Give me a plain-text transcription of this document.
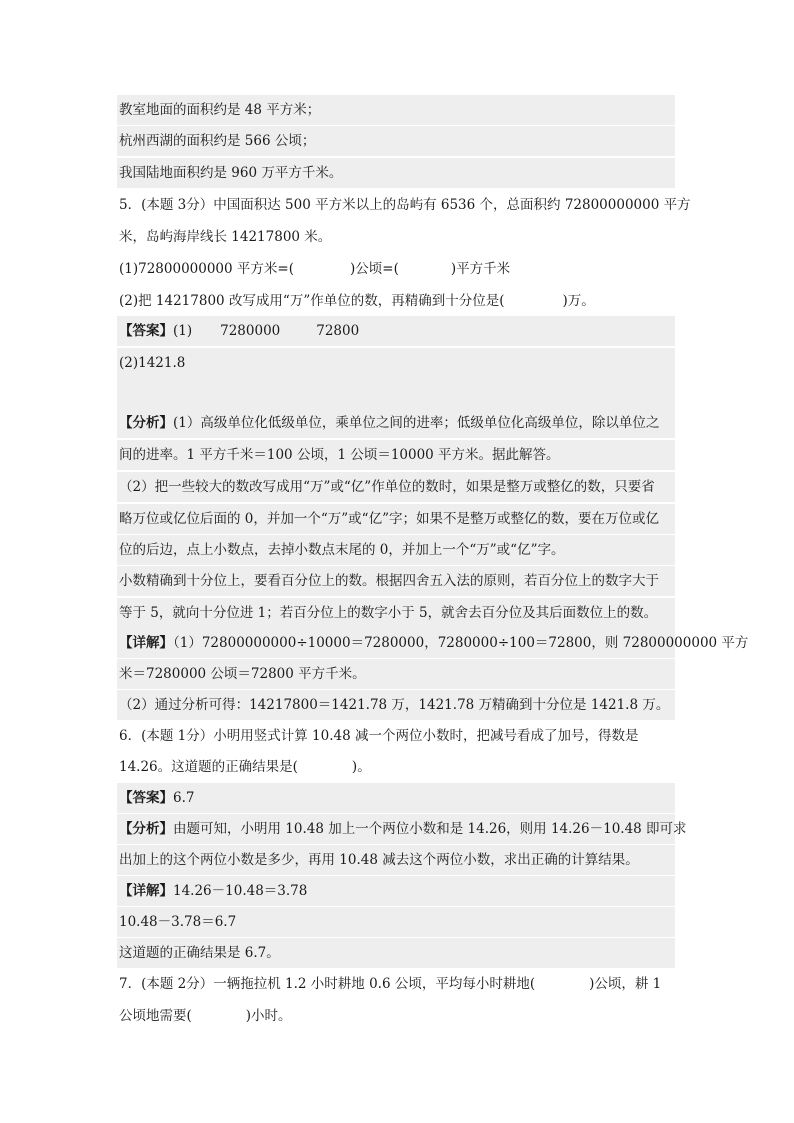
教室地面的面积约是 48 平方米；
杭州西湖的面积约是 566 公顷；
我国陆地面积约是 960 万平方千米。
5．(本题 3分）中国面积达 500 平方米以上的岛屿有 6536 个，总面积约 72800000000 平方
米，岛屿海岸线长 14217800 米。
(1)72800000000 平方米=(	)公顷=(	)平方千米
(2)把 14217800 改写成用“万”作单位的数，再精确到十分位是(	)万。
【答案】(1) 7280000	72800
(2)1421.8
【分析】(1）高级单位化低级单位，乘单位之间的进率；低级单位化高级单位，除以单位之
间的进率。1 平方千米＝100 公顷，1 公顷＝10000 平方米。据此解答。
（2）把一些较大的数改写成用“万”或“亿”作单位的数时，如果是整万或整亿的数，只要省
略万位或亿位后面的 0，并加一个“万”或“亿”字；如果不是整万或整亿的数，要在万位或亿
位的后边，点上小数点，去掉小数点末尾的 0，并加上一个“万”或“亿”字。
小数精确到十分位上，要看百分位上的数。根据四舍五入法的原则，若百分位上的数字大于
等于 5，就向十分位进 1；若百分位上的数字小于 5，就舍去百分位及其后面数位上的数。
【详解】（1）72800000000÷10000＝7280000，7280000÷100＝72800，则 72800000000 平方
米＝7280000 公顷＝72800 平方千米。
（2）通过分析可得：14217800＝1421.78 万，1421.78 万精确到十分位是 1421.8 万。
6．(本题 1分）小明用竖式计算 10.48 减一个两位小数时，把减号看成了加号，得数是
14.26。这道题的正确结果是(	)。
【答案】6.7
【分析】由题可知，小明用 10.48 加上一个两位小数和是 14.26，则用 14.26－10.48 即可求
出加上的这个两位小数是多少，再用 10.48 减去这个两位小数，求出正确的计算结果。
【详解】14.26－10.48＝3.78
10.48－3.78＝6.7
这道题的正确结果是 6.7。
7．(本题 2分）一辆拖拉机 1.2 小时耕地 0.6 公顷，平均每小时耕地(	)公顷，耕 1
公顷地需要(	)小时。
